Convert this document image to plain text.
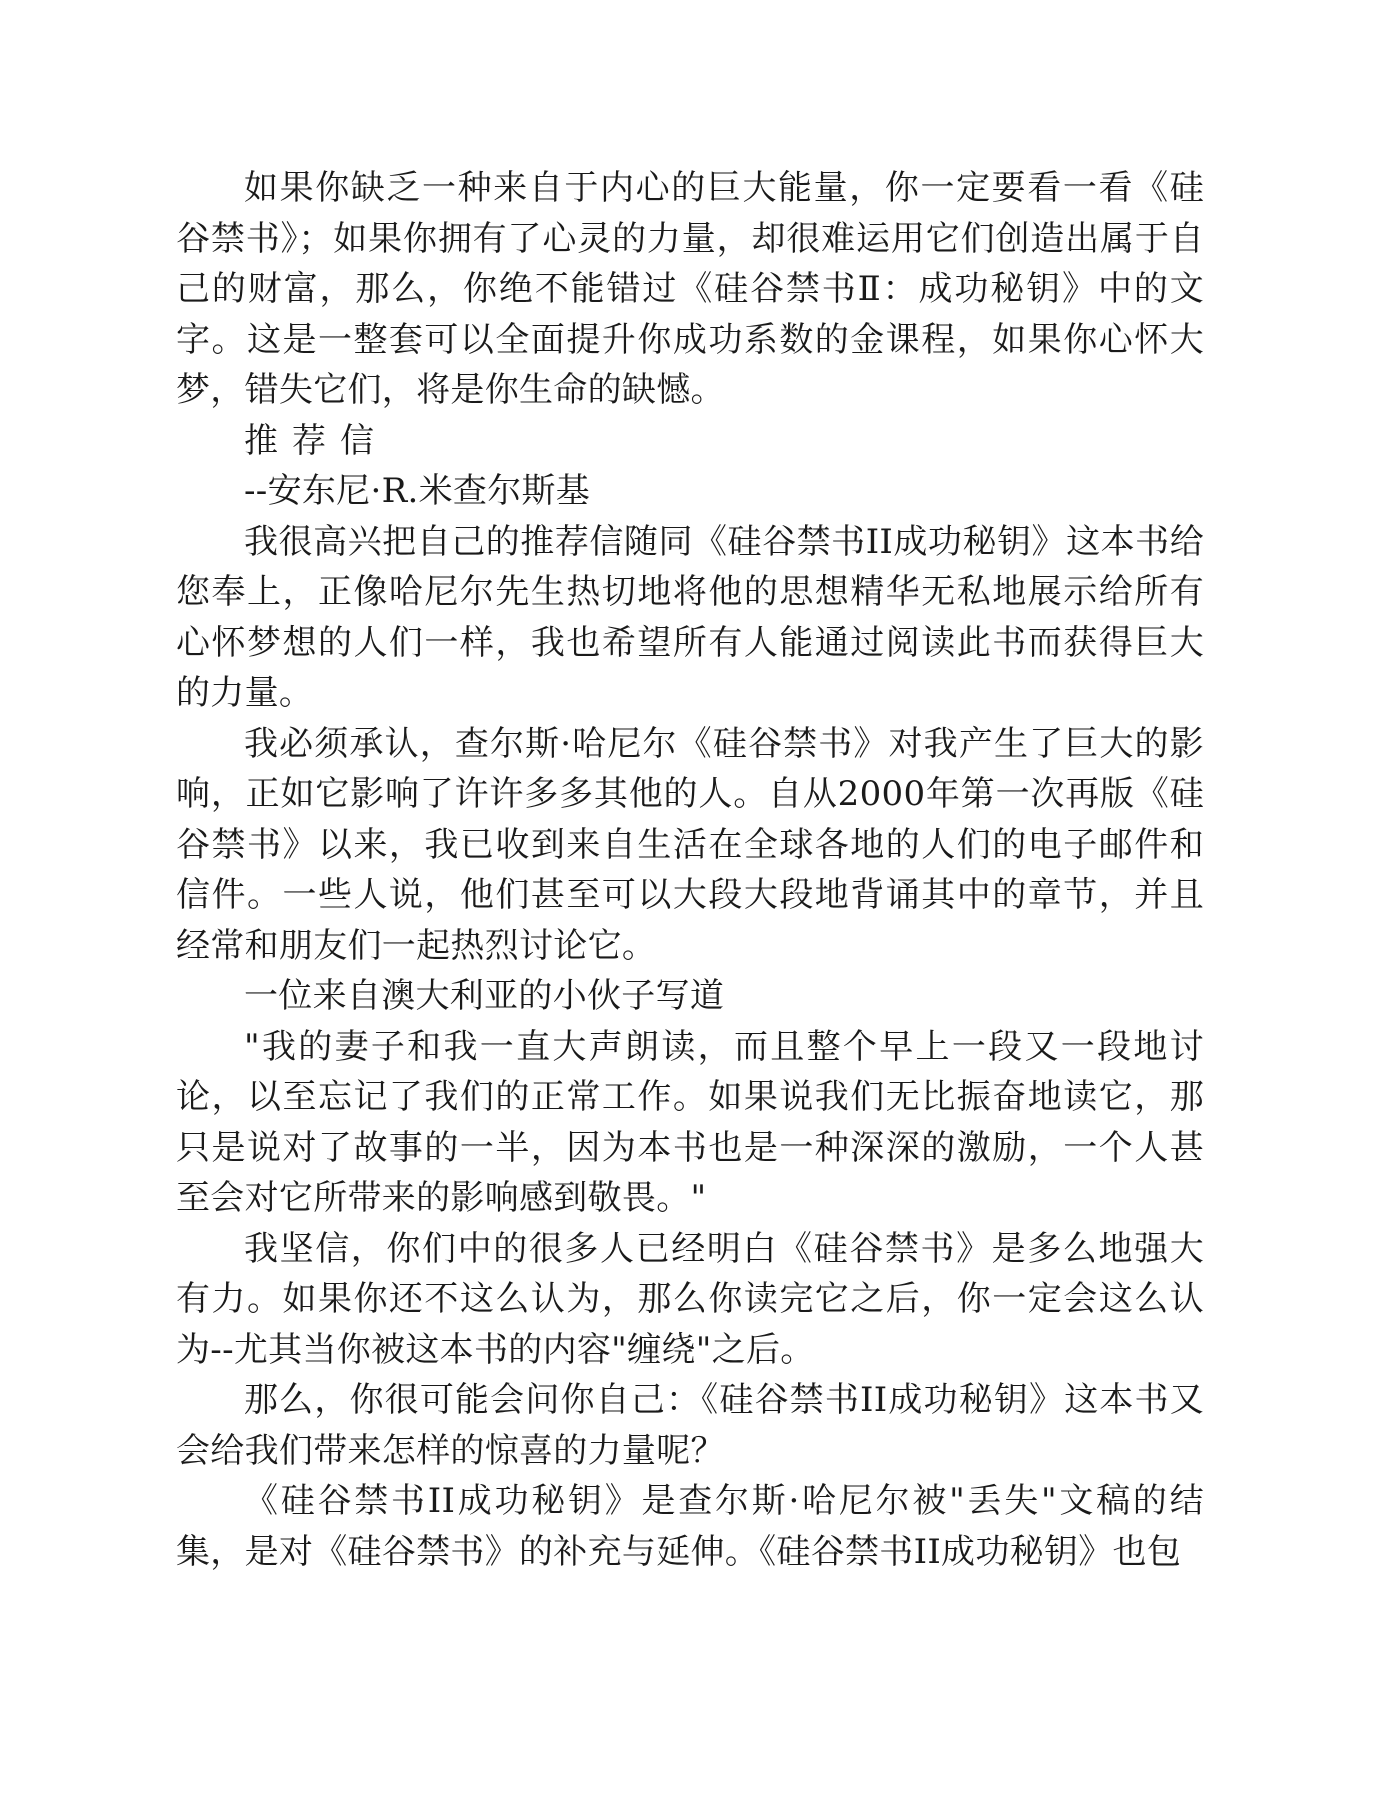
如果你缺乏一种来自于内心的巨大能量，你一定要看一看《硅谷禁书》；如果你拥有了心灵的力量，却很难运用它们创造出属于自己的财富，那么，你绝不能错过《硅谷禁书Ⅱ：成功秘钥》中的文字。这是一整套可以全面提升你成功系数的金课程，如果你心怀大梦，错失它们，将是你生命的缺憾。

推荐信

--安东尼·R.米查尔斯基

我很高兴把自己的推荐信随同《硅谷禁书II成功秘钥》这本书给您奉上，正像哈尼尔先生热切地将他的思想精华无私地展示给所有心怀梦想的人们一样，我也希望所有人能通过阅读此书而获得巨大的力量。

我必须承认，查尔斯·哈尼尔《硅谷禁书》对我产生了巨大的影响，正如它影响了许许多多其他的人。自从2000年第一次再版《硅谷禁书》以来，我已收到来自生活在全球各地的人们的电子邮件和信件。一些人说，他们甚至可以大段大段地背诵其中的章节，并且经常和朋友们一起热烈讨论它。

一位来自澳大利亚的小伙子写道

"我的妻子和我一直大声朗读，而且整个早上一段又一段地讨论，以至忘记了我们的正常工作。如果说我们无比振奋地读它，那只是说对了故事的一半，因为本书也是一种深深的激励，一个人甚至会对它所带来的影响感到敬畏。"

我坚信，你们中的很多人已经明白《硅谷禁书》是多么地强大有力。如果你还不这么认为，那么你读完它之后，你一定会这么认为--尤其当你被这本书的内容"缠绕"之后。

那么，你很可能会问你自己：《硅谷禁书II成功秘钥》这本书又会给我们带来怎样的惊喜的力量呢？

《硅谷禁书II成功秘钥》是查尔斯·哈尼尔被"丢失"文稿的结集，是对《硅谷禁书》的补充与延伸。《硅谷禁书II成功秘钥》也包
